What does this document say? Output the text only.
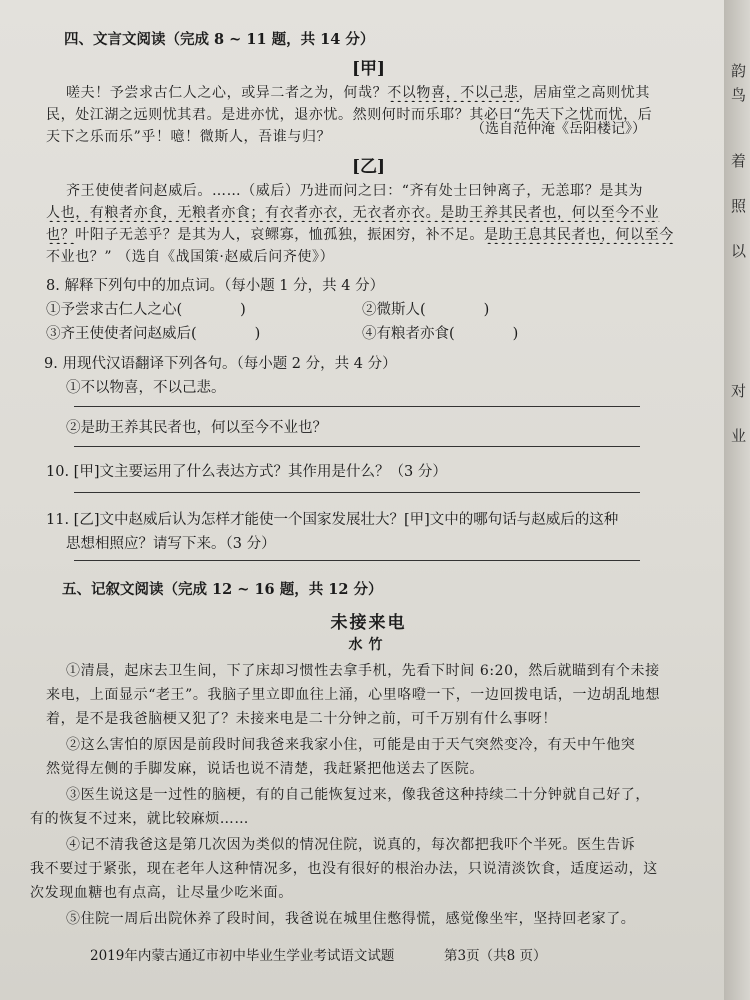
韵
鸟
着
照
以
对
业
四、文言文阅读（完成 8 ~ 11 题，共 14 分）
[甲]
嗟夫！予尝求古仁人之心，或异二者之为，何哉？不以物喜，不以己悲，居庙堂之高则忧其
民，处江湖之远则忧其君。是进亦忧，退亦忧。然则何时而乐耶？其必曰“先天下之忧而忧，后
天下之乐而乐”乎！噫！微斯人，吾谁与归？	（选自范仲淹《岳阳楼记》）
[乙]
齐王使使者问赵威后。……（威后）乃进而问之曰：“齐有处士曰钟离子，无恙耶？是其为
人也，有粮者亦食，无粮者亦食；有衣者亦衣，无衣者亦衣。是助王养其民者也，何以至今不业
也？叶阳子无恙乎？是其为人，哀鳏寡，恤孤独，振困穷，补不足。是助王息其民者也，何以至今
不业也？” （选自《战国策·赵威后问齐使》）
8. 解释下列句中的加点词。（每小题 1 分，共 4 分）
①予尝求古仁人之心(	)	②微斯人(	)
③齐王使使者问赵威后(	)	④有粮者亦食(	)
9. 用现代汉语翻译下列各句。（每小题 2 分，共 4 分）
①不以物喜，不以己悲。
②是助王养其民者也，何以至今不业也？
10. [甲]文主要运用了什么表达方式？其作用是什么？（3 分）
11. [乙]文中赵威后认为怎样才能使一个国家发展壮大？[甲]文中的哪句话与赵威后的这种
思想相照应？请写下来。（3 分）
五、记叙文阅读（完成 12 ~ 16 题，共 12 分）
未接来电
水竹
①清晨，起床去卫生间，下了床却习惯性去拿手机，先看下时间 6:20，然后就瞄到有个未接
来电，上面显示“老王”。我脑子里立即血往上涌，心里咯噔一下，一边回拨电话，一边胡乱地想
着，是不是我爸脑梗又犯了？未接来电是二十分钟之前，可千万别有什么事呀！
②这么害怕的原因是前段时间我爸来我家小住，可能是由于天气突然变冷，有天中午他突
然觉得左侧的手脚发麻，说话也说不清楚，我赶紧把他送去了医院。
③医生说这是一过性的脑梗，有的自己能恢复过来，像我爸这种持续二十分钟就自己好了，
有的恢复不过来，就比较麻烦……
④记不清我爸这是第几次因为类似的情况住院，说真的，每次都把我吓个半死。医生告诉
我不要过于紧张，现在老年人这种情况多，也没有很好的根治办法，只说清淡饮食，适度运动，这
次发现血糖也有点高，让尽量少吃米面。
⑤住院一周后出院休养了段时间，我爸说在城里住憋得慌，感觉像坐牢，坚持回老家了。
2019年内蒙古通辽市初中毕业生学业考试语文试题	第3页（共8 页）
